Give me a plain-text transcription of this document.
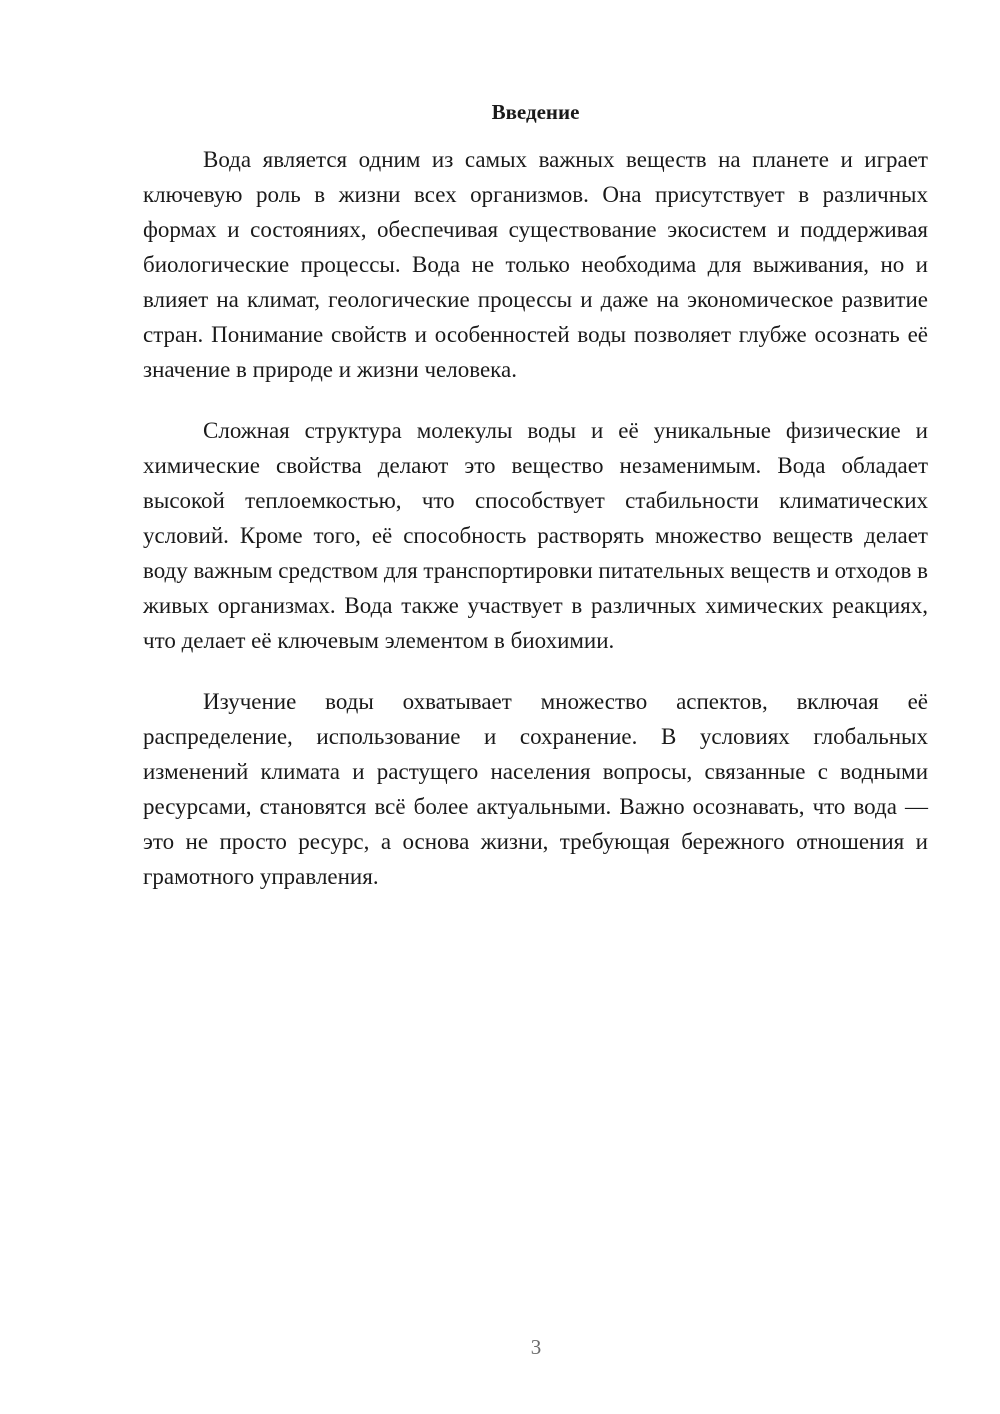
Введение

Вода является одним из самых важных веществ на планете и играет ключевую роль в жизни всех организмов. Она присутствует в различных формах и состояниях, обеспечивая существование экосистем и поддерживая биологические процессы. Вода не только необходима для выживания, но и влияет на климат, геологические процессы и даже на экономическое развитие стран. Понимание свойств и особенностей воды позволяет глубже осознать её значение в природе и жизни человека.

Сложная структура молекулы воды и её уникальные физические и химические свойства делают это вещество незаменимым. Вода обладает высокой теплоемкостью, что способствует стабильности климатических условий. Кроме того, её способность растворять множество веществ делает воду важным средством для транспортировки питательных веществ и отходов в живых организмах. Вода также участвует в различных химических реакциях, что делает её ключевым элементом в биохимии.

Изучение воды охватывает множество аспектов, включая её распределение, использование и сохранение. В условиях глобальных изменений климата и растущего населения вопросы, связанные с водными ресурсами, становятся всё более актуальными. Важно осознавать, что вода — это не просто ресурс, а основа жизни, требующая бережного отношения и грамотного управления.

3
